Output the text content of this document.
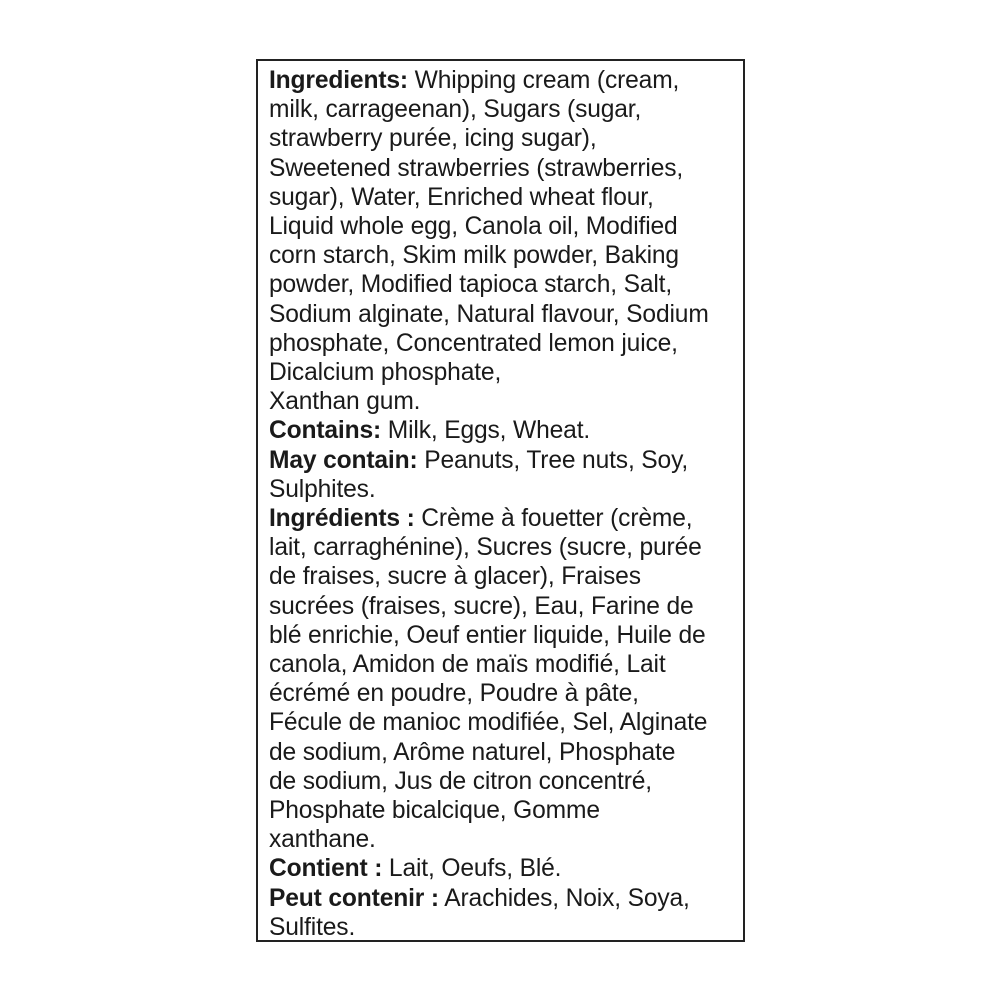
Ingredients: Whipping cream (cream,
milk, carrageenan), Sugars (sugar,
strawberry purée, icing sugar),
Sweetened strawberries (strawberries,
sugar), Water, Enriched wheat flour,
Liquid whole egg, Canola oil, Modified
corn starch, Skim milk powder, Baking
powder, Modified tapioca starch, Salt,
Sodium alginate, Natural flavour, Sodium
phosphate, Concentrated lemon juice,
Dicalcium phosphate,
Xanthan gum.
Contains: Milk, Eggs, Wheat.
May contain: Peanuts, Tree nuts, Soy,
Sulphites.
Ingrédients : Crème à fouetter (crème,
lait, carraghénine), Sucres (sucre, purée
de fraises, sucre à glacer), Fraises
sucrées (fraises, sucre), Eau, Farine de
blé enrichie, Oeuf entier liquide, Huile de
canola, Amidon de maïs modifié, Lait
écrémé en poudre, Poudre à pâte,
Fécule de manioc modifiée, Sel, Alginate
de sodium, Arôme naturel, Phosphate
de sodium, Jus de citron concentré,
Phosphate bicalcique, Gomme
xanthane.
Contient : Lait, Oeufs, Blé.
Peut contenir : Arachides, Noix, Soya,
Sulfites.
